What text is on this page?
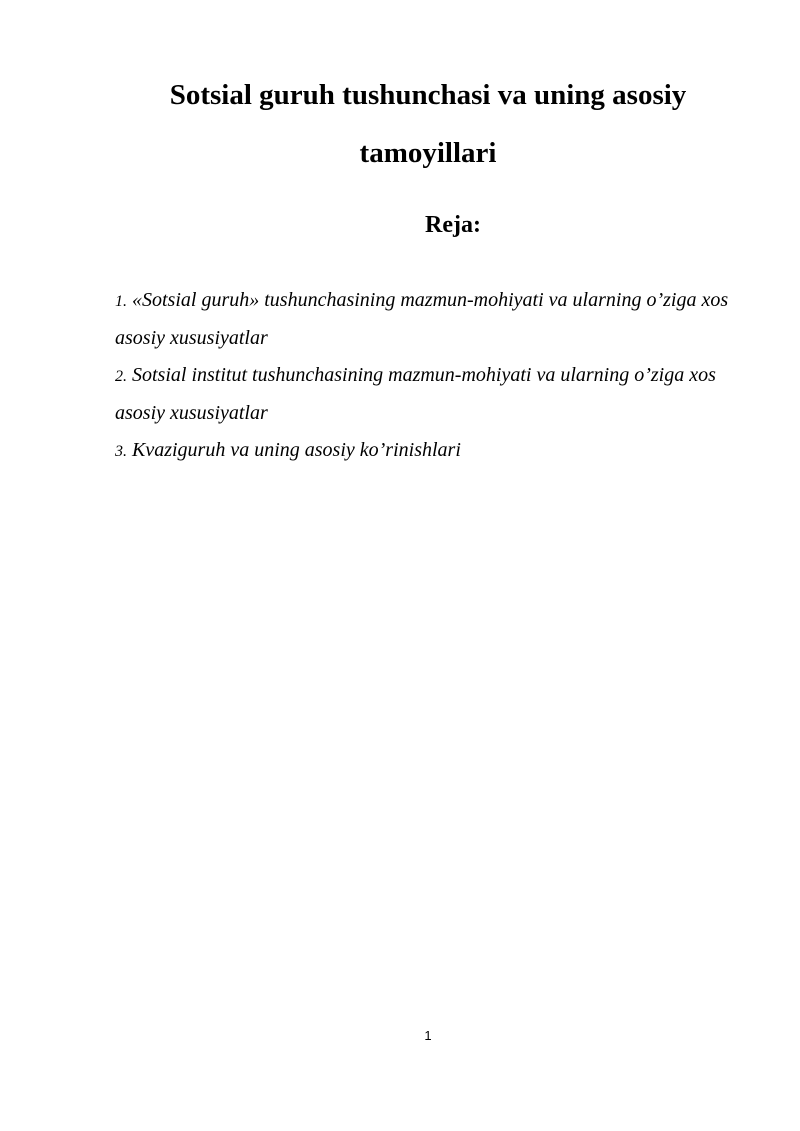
Sotsial guruh tushunchasi va uning asosiy
tamoyillari
Reja:
1. «Sotsial guruh» tushunchasining mazmun-mohiyati va ularning o’ziga xos asosiy xususiyatlar
2. Sotsial institut tushunchasining mazmun-mohiyati va ularning o’ziga xos asosiy xususiyatlar
3. Kvaziguruh va uning asosiy ko’rinishlari
1
